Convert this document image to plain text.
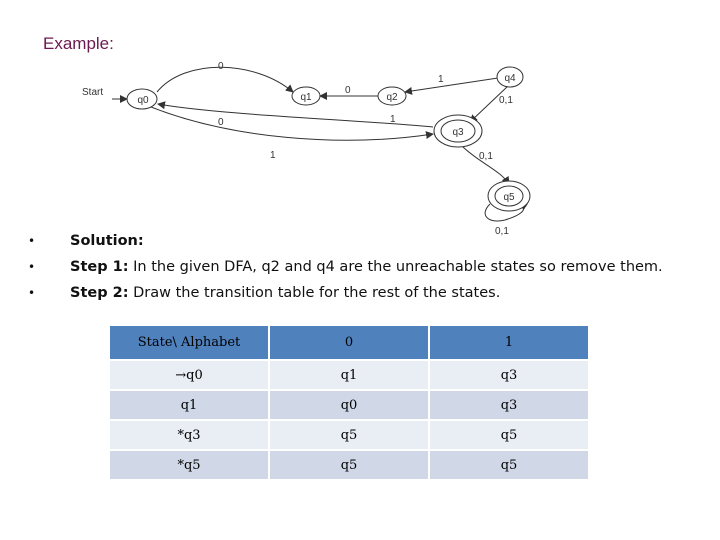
Example:
0
0	1
0
1
0,1
0,1
1
0,1
Start
q0	q1	q2
q4
q3
q5
• Solution:
• Step 1: In the given DFA, q2 and q4 are the unreachable states so remove them.
• Step 2: Draw the transition table for the rest of the states.
State\ Alphabet	0	1
→q0	q1	q3
q1	q0	q3
*q3	q5	q5
*q5	q5	q5
